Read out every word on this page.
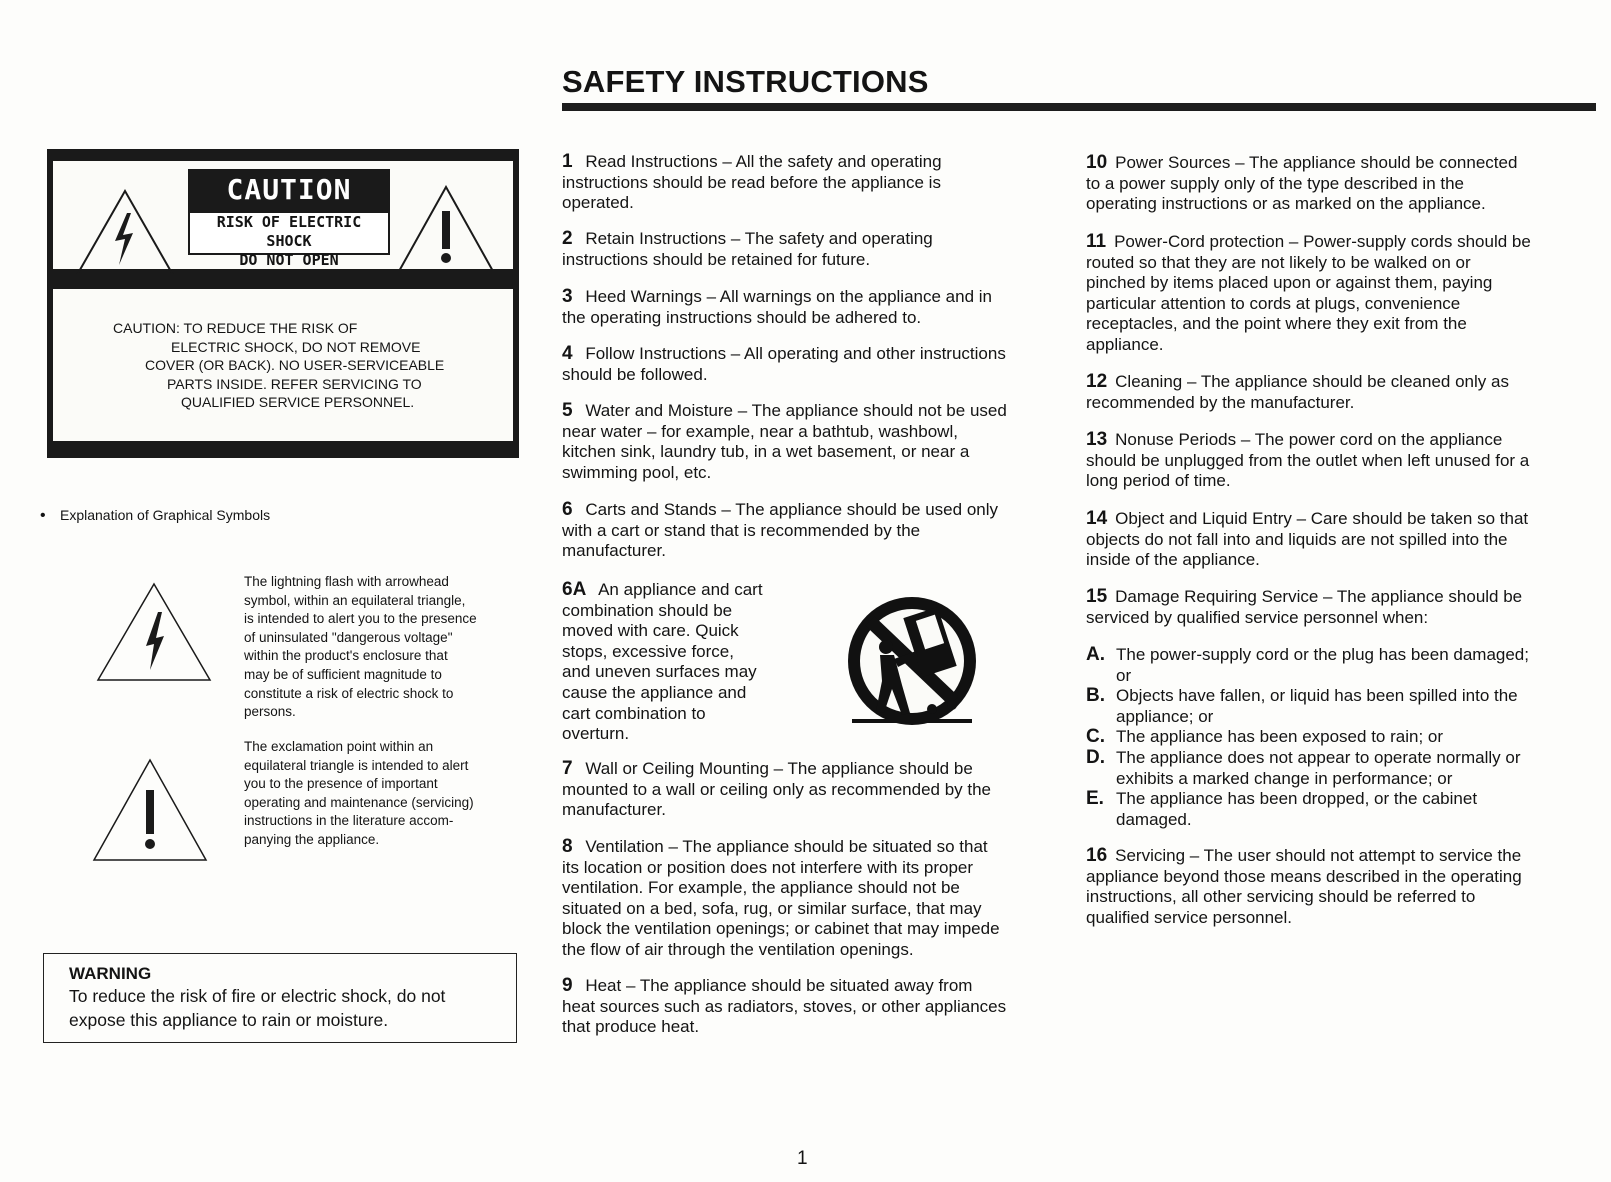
SAFETY INSTRUCTIONS
CAUTION
RISK OF ELECTRIC SHOCK
DO NOT OPEN
CAUTION: TO REDUCE THE RISK OF
ELECTRIC SHOCK, DO NOT REMOVE
COVER (OR BACK). NO USER-SERVICEABLE
PARTS INSIDE. REFER SERVICING TO
QUALIFIED SERVICE PERSONNEL.
• Explanation of Graphical Symbols
The lightning flash with arrowhead
symbol, within an equilateral triangle,
is intended to alert you to the presence
of uninsulated "dangerous voltage"
within the product's enclosure that
may be of sufficient magnitude to
constitute a risk of electric shock to
persons.
The exclamation point within an
equilateral triangle is intended to alert
you to the presence of important
operating and maintenance (servicing)
instructions in the literature accom-
panying the appliance.
WARNING
To reduce the risk of fire or electric shock, do not
expose this appliance to rain or moisture.
1 Read Instructions – All the safety and operating
instructions should be read before the appliance is
operated.
2 Retain Instructions – The safety and operating
instructions should be retained for future.
3 Heed Warnings – All warnings on the appliance and in
the operating instructions should be adhered to.
4 Follow Instructions – All operating and other instructions
should be followed.
5 Water and Moisture – The appliance should not be used
near water – for example, near a bathtub, washbowl,
kitchen sink, laundry tub, in a wet basement, or near a
swimming pool, etc.
6 Carts and Stands – The appliance should be used only
with a cart or stand that is recommended by the
manufacturer.
6A An appliance and cart
combination should be
moved with care. Quick
stops, excessive force,
and uneven surfaces may
cause the appliance and
cart combination to
overturn.
7 Wall or Ceiling Mounting – The appliance should be
mounted to a wall or ceiling only as recommended by the
manufacturer.
8 Ventilation – The appliance should be situated so that
its location or position does not interfere with its proper
ventilation. For example, the appliance should not be
situated on a bed, sofa, rug, or similar surface, that may
block the ventilation openings; or cabinet that may impede
the flow of air through the ventilation openings.
9 Heat – The appliance should be situated away from
heat sources such as radiators, stoves, or other appliances
that produce heat.
10 Power Sources – The appliance should be connected
to a power supply only of the type described in the
operating instructions or as marked on the appliance.
11 Power-Cord protection – Power-supply cords should be
routed so that they are not likely to be walked on or
pinched by items placed upon or against them, paying
particular attention to cords at plugs, convenience
receptacles, and the point where they exit from the
appliance.
12 Cleaning – The appliance should be cleaned only as
recommended by the manufacturer.
13 Nonuse Periods – The power cord on the appliance
should be unplugged from the outlet when left unused for a
long period of time.
14 Object and Liquid Entry – Care should be taken so that
objects do not fall into and liquids are not spilled into the
inside of the appliance.
15 Damage Requiring Service – The appliance should be
serviced by qualified service personnel when:
A. The power-supply cord or the plug has been damaged;
or
B. Objects have fallen, or liquid has been spilled into the
appliance; or
C. The appliance has been exposed to rain; or
D. The appliance does not appear to operate normally or
exhibits a marked change in performance; or
E. The appliance has been dropped, or the cabinet
damaged.
16 Servicing – The user should not attempt to service the
appliance beyond those means described in the operating
instructions, all other servicing should be referred to
qualified service personnel.
1
